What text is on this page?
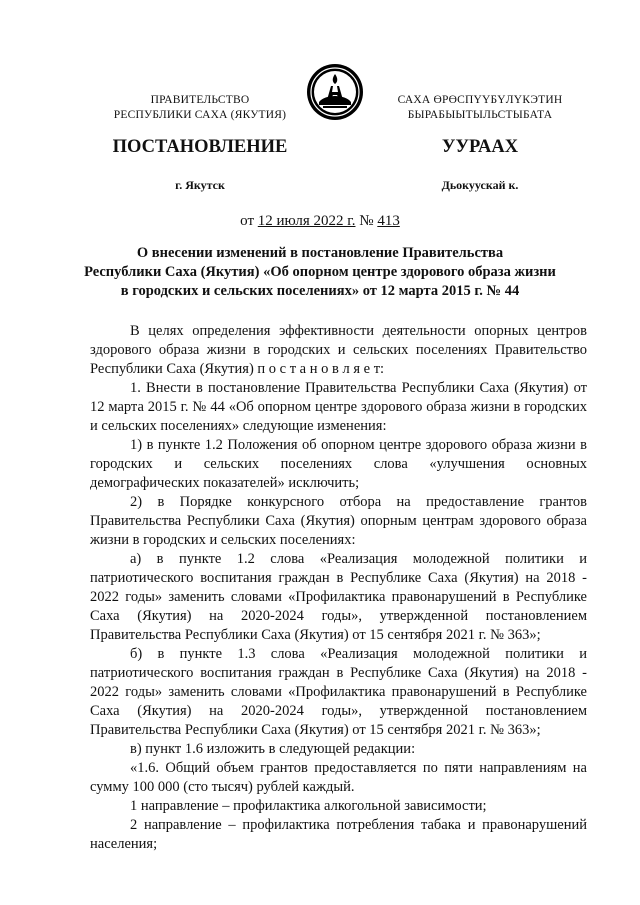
ПРАВИТЕЛЬСТВО
РЕСПУБЛИКИ САХА (ЯКУТИЯ)
САХА ӨРӨСПҮҮБҮЛҮКЭТИН
БЫРАБЫЫТЫЛЬСТЫБАТА
ПОСТАНОВЛЕНИЕ	УУРААХ
г. Якутск	Дьокуускай к.
от 12 июля 2022 г. № 413
О внесении изменений в постановление Правительства
Республики Саха (Якутия) «Об опорном центре здорового образа жизни
в городских и сельских поселениях» от 12 марта 2015 г. № 44

В целях определения эффективности деятельности опорных центров здорового образа жизни в городских и сельских поселениях Правительство Республики Саха (Якутия) п о с т а н о в л я е т:

1. Внести в постановление Правительства Республики Саха (Якутия) от 12 марта 2015 г. № 44 «Об опорном центре здорового образа жизни в городских и сельских поселениях» следующие изменения:

1) в пункте 1.2 Положения об опорном центре здорового образа жизни в городских и сельских поселениях слова «улучшения основных демографических показателей» исключить;

2) в Порядке конкурсного отбора на предоставление грантов Правительства Республики Саха (Якутия) опорным центрам здорового образа жизни в городских и сельских поселениях:

а) в пункте 1.2 слова «Реализация молодежной политики и патриотического воспитания граждан в Республике Саха (Якутия) на 2018 - 2022 годы» заменить словами «Профилактика правонарушений в Республике Саха (Якутия) на 2020-2024 годы», утвержденной постановлением Правительства Республики Саха (Якутия) от 15 сентября 2021 г. № 363»;

б) в пункте 1.3 слова «Реализация молодежной политики и патриотического воспитания граждан в Республике Саха (Якутия) на 2018 - 2022 годы» заменить словами «Профилактика правонарушений в Республике Саха (Якутия) на 2020-2024 годы», утвержденной постановлением Правительства Республики Саха (Якутия) от 15 сентября 2021 г. № 363»;

в) пункт 1.6 изложить в следующей редакции:

«1.6. Общий объем грантов предоставляется по пяти направлениям на сумму 100 000 (сто тысяч) рублей каждый.

1 направление – профилактика алкогольной зависимости;

2 направление – профилактика потребления табака и правонарушений населения;
